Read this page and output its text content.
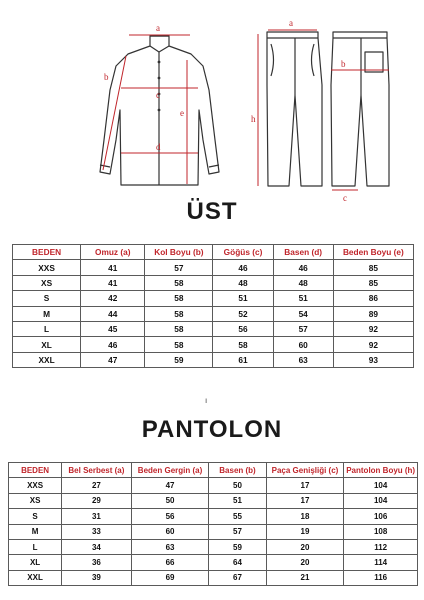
a
b
c
d
e
a
b
c
h
ÜST
BEDEN	Omuz (a)	Kol Boyu (b)	Göğüs (c)	Basen (d)	Beden Boyu (e)
XXS	41	57	46	46	85
XS	41	58	48	48	85
S	42	58	51	51	86
M	44	58	52	54	89
L	45	58	56	57	92
XL	46	58	58	60	92
XXL	47	59	61	63	93
ı
PANTOLON
BEDEN	Bel Serbest (a)	Beden Gergin (a)	Basen (b)	Paça Genişliği (c)	Pantolon Boyu (h)
XXS	27	47	50	17	104
XS	29	50	51	17	104
S	31	56	55	18	106
M	33	60	57	19	108
L	34	63	59	20	112
XL	36	66	64	20	114
XXL	39	69	67	21	116
